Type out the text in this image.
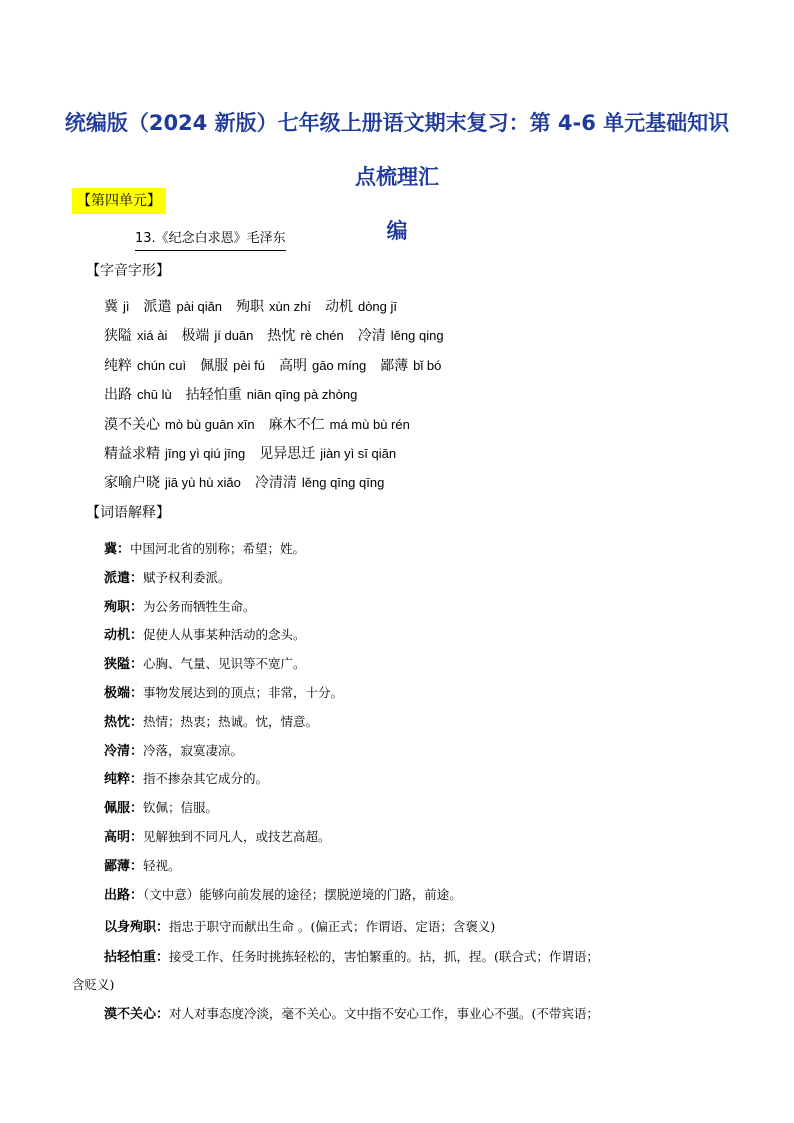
统编版（2024 新版）七年级上册语文期末复习：第 4-6 单元基础知识点梳理汇
编
【第四单元】
13.《纪念白求恩》毛泽东
【字音字形】
冀 jì 派遣 pài qiǎn 殉职 xùn zhí 动机 dòng jī
狭隘 xiá ài 极端 jí duān 热忱 rè chén 冷清 lěng qing
纯粹 chún cuì 佩服 pèi fú 高明 gāo míng 鄙薄 bǐ bó
出路 chū lù 拈轻怕重 niān qīng pà zhòng
漠不关心 mò bù guān xīn 麻木不仁 má mù bù rén
精益求精 jīng yì qiú jīng 见异思迁 jiàn yì sī qiān
家喻户晓 jiā yù hù xiǎo 冷清清 lěng qīng qīng
【词语解释】
冀：中国河北省的别称；希望；姓。
派遣：赋予权利委派。
殉职：为公务而牺牲生命。
动机：促使人从事某种活动的念头。
狭隘：心胸、气量、见识等不宽广。
极端：事物发展达到的顶点；非常，十分。
热忱：热情；热衷；热诚。忱，情意。
冷清：冷落，寂寞凄凉。
纯粹：指不掺杂其它成分的。
佩服：钦佩；信服。
高明：见解独到不同凡人，或技艺高超。
鄙薄：轻视。
出路：（文中意）能够向前发展的途径；摆脱逆境的门路，前途。
以身殉职：指忠于职守而献出生命 。(偏正式；作谓语、定语；含褒义)
拈轻怕重：接受工作、任务时挑拣轻松的，害怕繁重的。拈，抓，捏。(联合式；作谓语；
含贬义)
漠不关心：对人对事态度冷淡，毫不关心。文中指不安心工作，事业心不强。(不带宾语；
